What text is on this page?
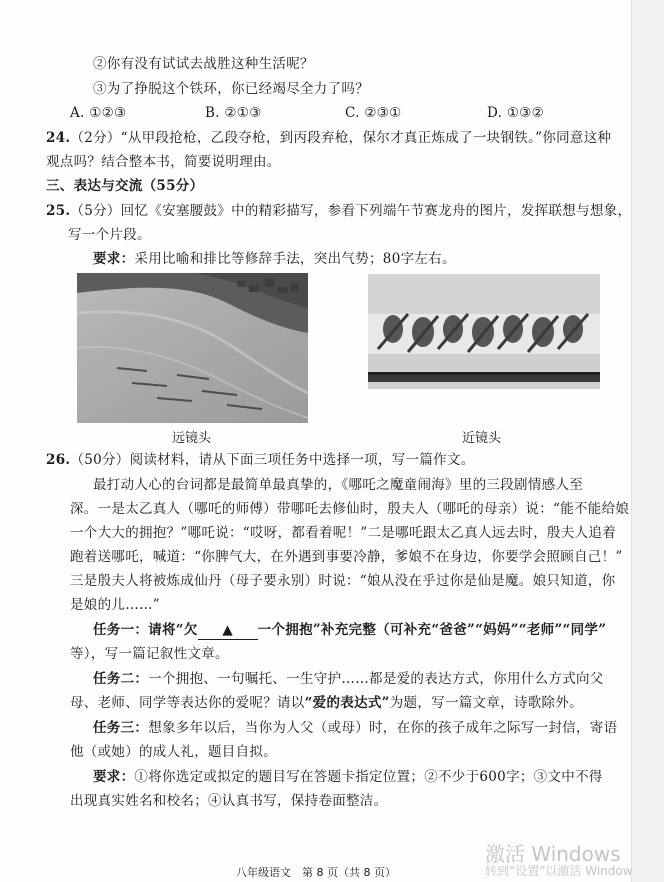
②你有没有试试去战胜这种生活呢？
③为了挣脱这个铁环，你已经竭尽全力了吗？
A. ①②③	B. ②①③	C. ②③①	D. ①③②
24.（2分）“从甲段抢枪，乙段夺枪，到丙段弃枪，保尔才真正炼成了一块钢铁。”你同意这种
观点吗？结合整本书，简要说明理由。
三、表达与交流（55分）
25.（5分）回忆《安塞腰鼓》中的精彩描写，参看下列端午节赛龙舟的图片，发挥联想与想象，
写一个片段。
要求：采用比喻和排比等修辞手法，突出气势；80字左右。
远镜头	近镜头
26.（50分）阅读材料，请从下面三项任务中选择一项，写一篇作文。
最打动人心的台词都是最简单最真挚的，《哪吒之魔童闹海》里的三段剧情感人至
深。一是太乙真人（哪吒的师傅）带哪吒去修仙时，殷夫人（哪吒的母亲）说：“能不能给娘
一个大大的拥抱？”哪吒说：“哎呀，都看着呢！”二是哪吒跟太乙真人远去时，殷夫人追着
跑着送哪吒，喊道：“你脾气大，在外遇到事要冷静，爹娘不在身边，你要学会照顾自己！”
三是殷夫人将被炼成仙丹（母子要永别）时说：“娘从没在乎过你是仙是魔。娘只知道，你
是娘的儿……”
任务一：请将“欠 ▲ 一个拥抱”补充完整（可补充“爸爸”“妈妈”“老师”“同学”
等），写一篇记叙性文章。
任务二：一个拥抱、一句嘱托、一生守护……都是爱的表达方式，你用什么方式向父
母、老师、同学等表达你的爱呢？请以“爱的表达式”为题，写一篇文章，诗歌除外。
任务三：想象多年以后，当你为人父（或母）时，在你的孩子成年之际写一封信，寄语
他（或她）的成人礼，题目自拟。
要求：①将你选定或拟定的题目写在答题卡指定位置；②不少于600字；③文中不得
出现真实姓名和校名；④认真书写，保持卷面整洁。
八年级语文　第 8 页（共 8 页）
激活 Windows
转到“设置”以激活 Window
